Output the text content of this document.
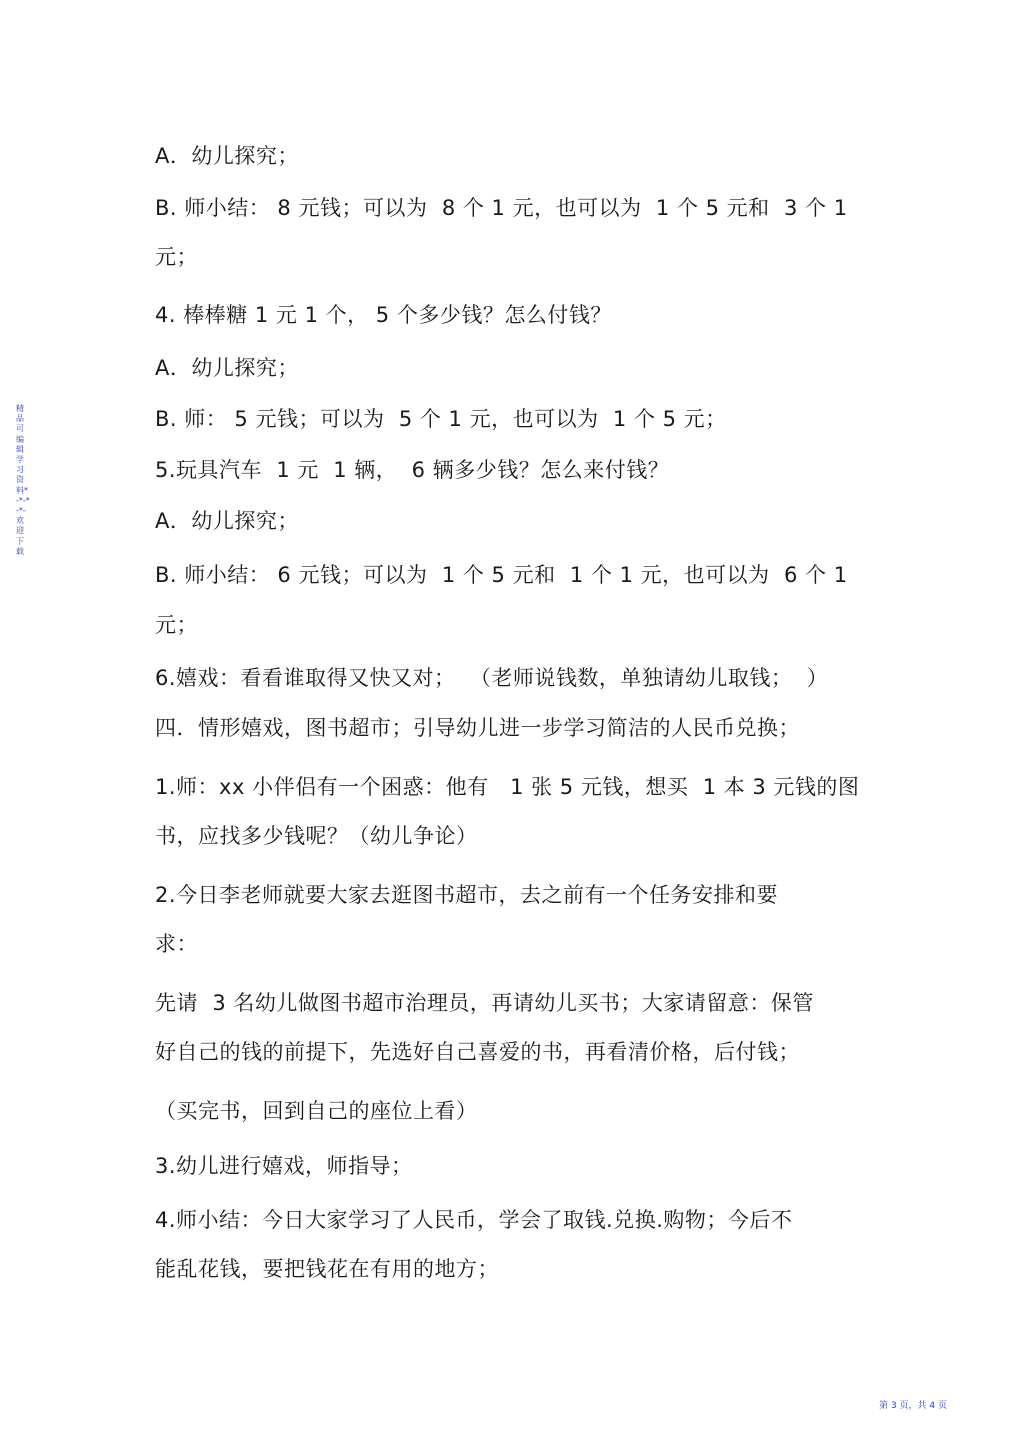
精品可编辑学习资料*-*-*-*-欢迎下载
A．幼儿探究；
B. 师小结： 8 元钱；可以为  8 个 1 元，也可以为  1 个 5 元和  3 个 1
元；
4. 棒棒糖 1 元 1 个， 5 个多少钱？怎么付钱？
A．幼儿探究；
B. 师： 5 元钱；可以为  5 个 1 元，也可以为  1 个 5 元；
5.玩具汽车  1 元  1 辆，  6 辆多少钱？怎么来付钱？
A．幼儿探究；
B. 师小结： 6 元钱；可以为  1 个 5 元和  1 个 1 元，也可以为  6 个 1
元；
6.嬉戏：看看谁取得又快又对；  （老师说钱数，单独请幼儿取钱；  ）
四．情形嬉戏，图书超市；引导幼儿进一步学习简洁的人民币兑换；
1.师：xx 小伴侣有一个困惑：他有   1 张 5 元钱，想买  1 本 3 元钱的图
书，应找多少钱呢？（幼儿争论）
2.今日李老师就要大家去逛图书超市，去之前有一个任务安排和要
求：
先请  3 名幼儿做图书超市治理员，再请幼儿买书；大家请留意：保管
好自己的钱的前提下，先选好自己喜爱的书，再看清价格，后付钱；
（买完书，回到自己的座位上看）
3.幼儿进行嬉戏，师指导；
4.师小结：今日大家学习了人民币，学会了取钱.兑换.购物；今后不
能乱花钱，要把钱花在有用的地方；
第 3 页，共 4 页
